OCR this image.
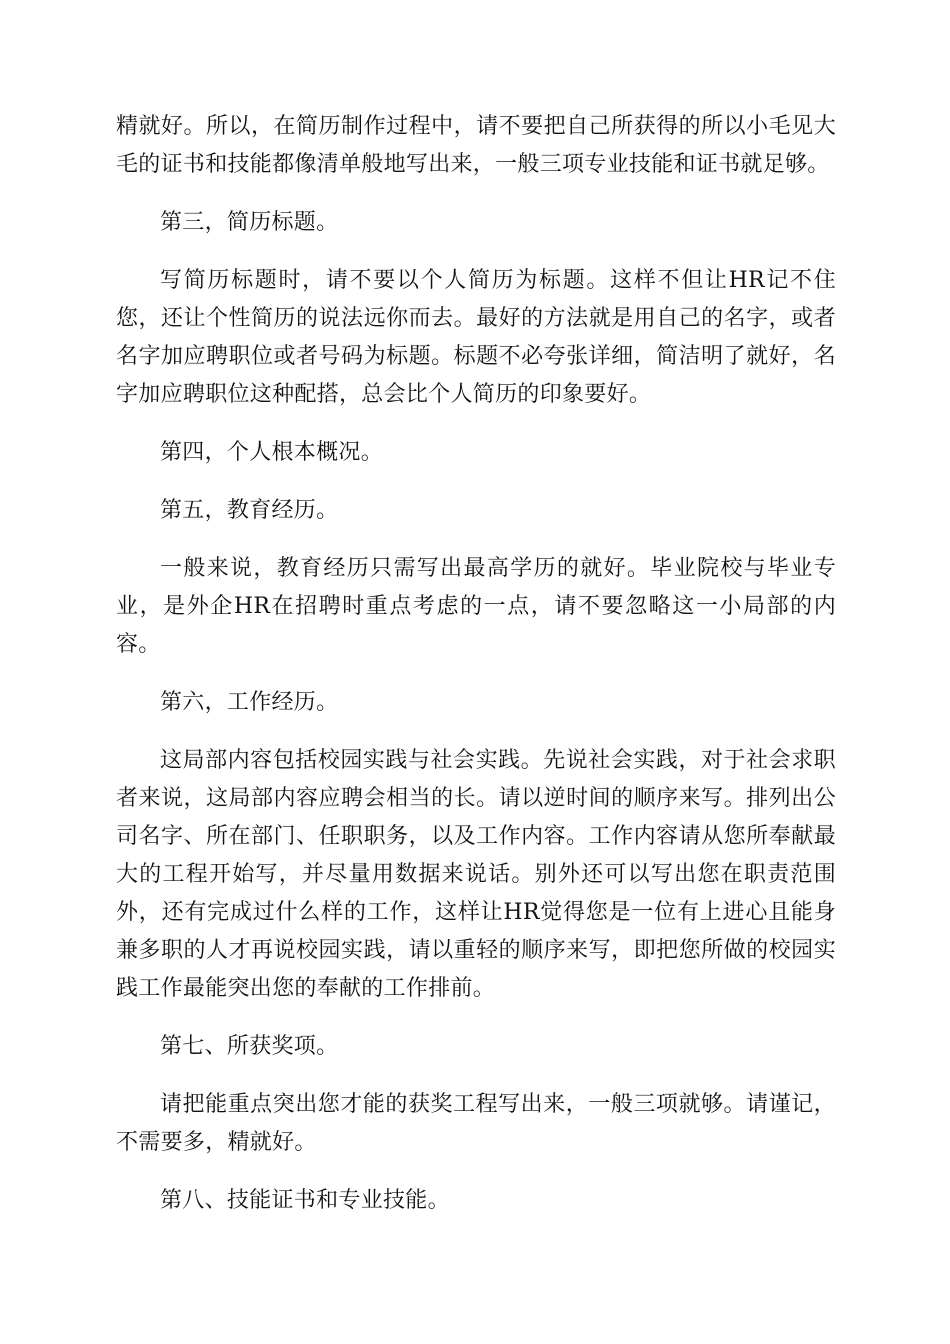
精就好。所以，在简历制作过程中，请不要把自己所获得的所以小毛见大毛的证书和技能都像清单般地写出来，一般三项专业技能和证书就足够。

第三，简历标题。

写简历标题时，请不要以个人简历为标题。这样不但让HR记不住您，还让个性简历的说法远你而去。最好的方法就是用自己的名字，或者名字加应聘职位或者号码为标题。标题不必夸张详细，简洁明了就好，名字加应聘职位这种配搭，总会比个人简历的印象要好。

第四，个人根本概况。

第五，教育经历。

一般来说，教育经历只需写出最高学历的就好。毕业院校与毕业专业，是外企HR在招聘时重点考虑的一点，请不要忽略这一小局部的内容。

第六，工作经历。

这局部内容包括校园实践与社会实践。先说社会实践，对于社会求职者来说，这局部内容应聘会相当的长。请以逆时间的顺序来写。排列出公司名字、所在部门、任职职务，以及工作内容。工作内容请从您所奉献最大的工程开始写，并尽量用数据来说话。别外还可以写出您在职责范围外，还有完成过什么样的工作，这样让HR觉得您是一位有上进心且能身兼多职的人才再说校园实践，请以重轻的顺序来写，即把您所做的校园实践工作最能突出您的奉献的工作排前。

第七、所获奖项。

请把能重点突出您才能的获奖工程写出来，一般三项就够。请谨记，不需要多，精就好。

第八、技能证书和专业技能。
